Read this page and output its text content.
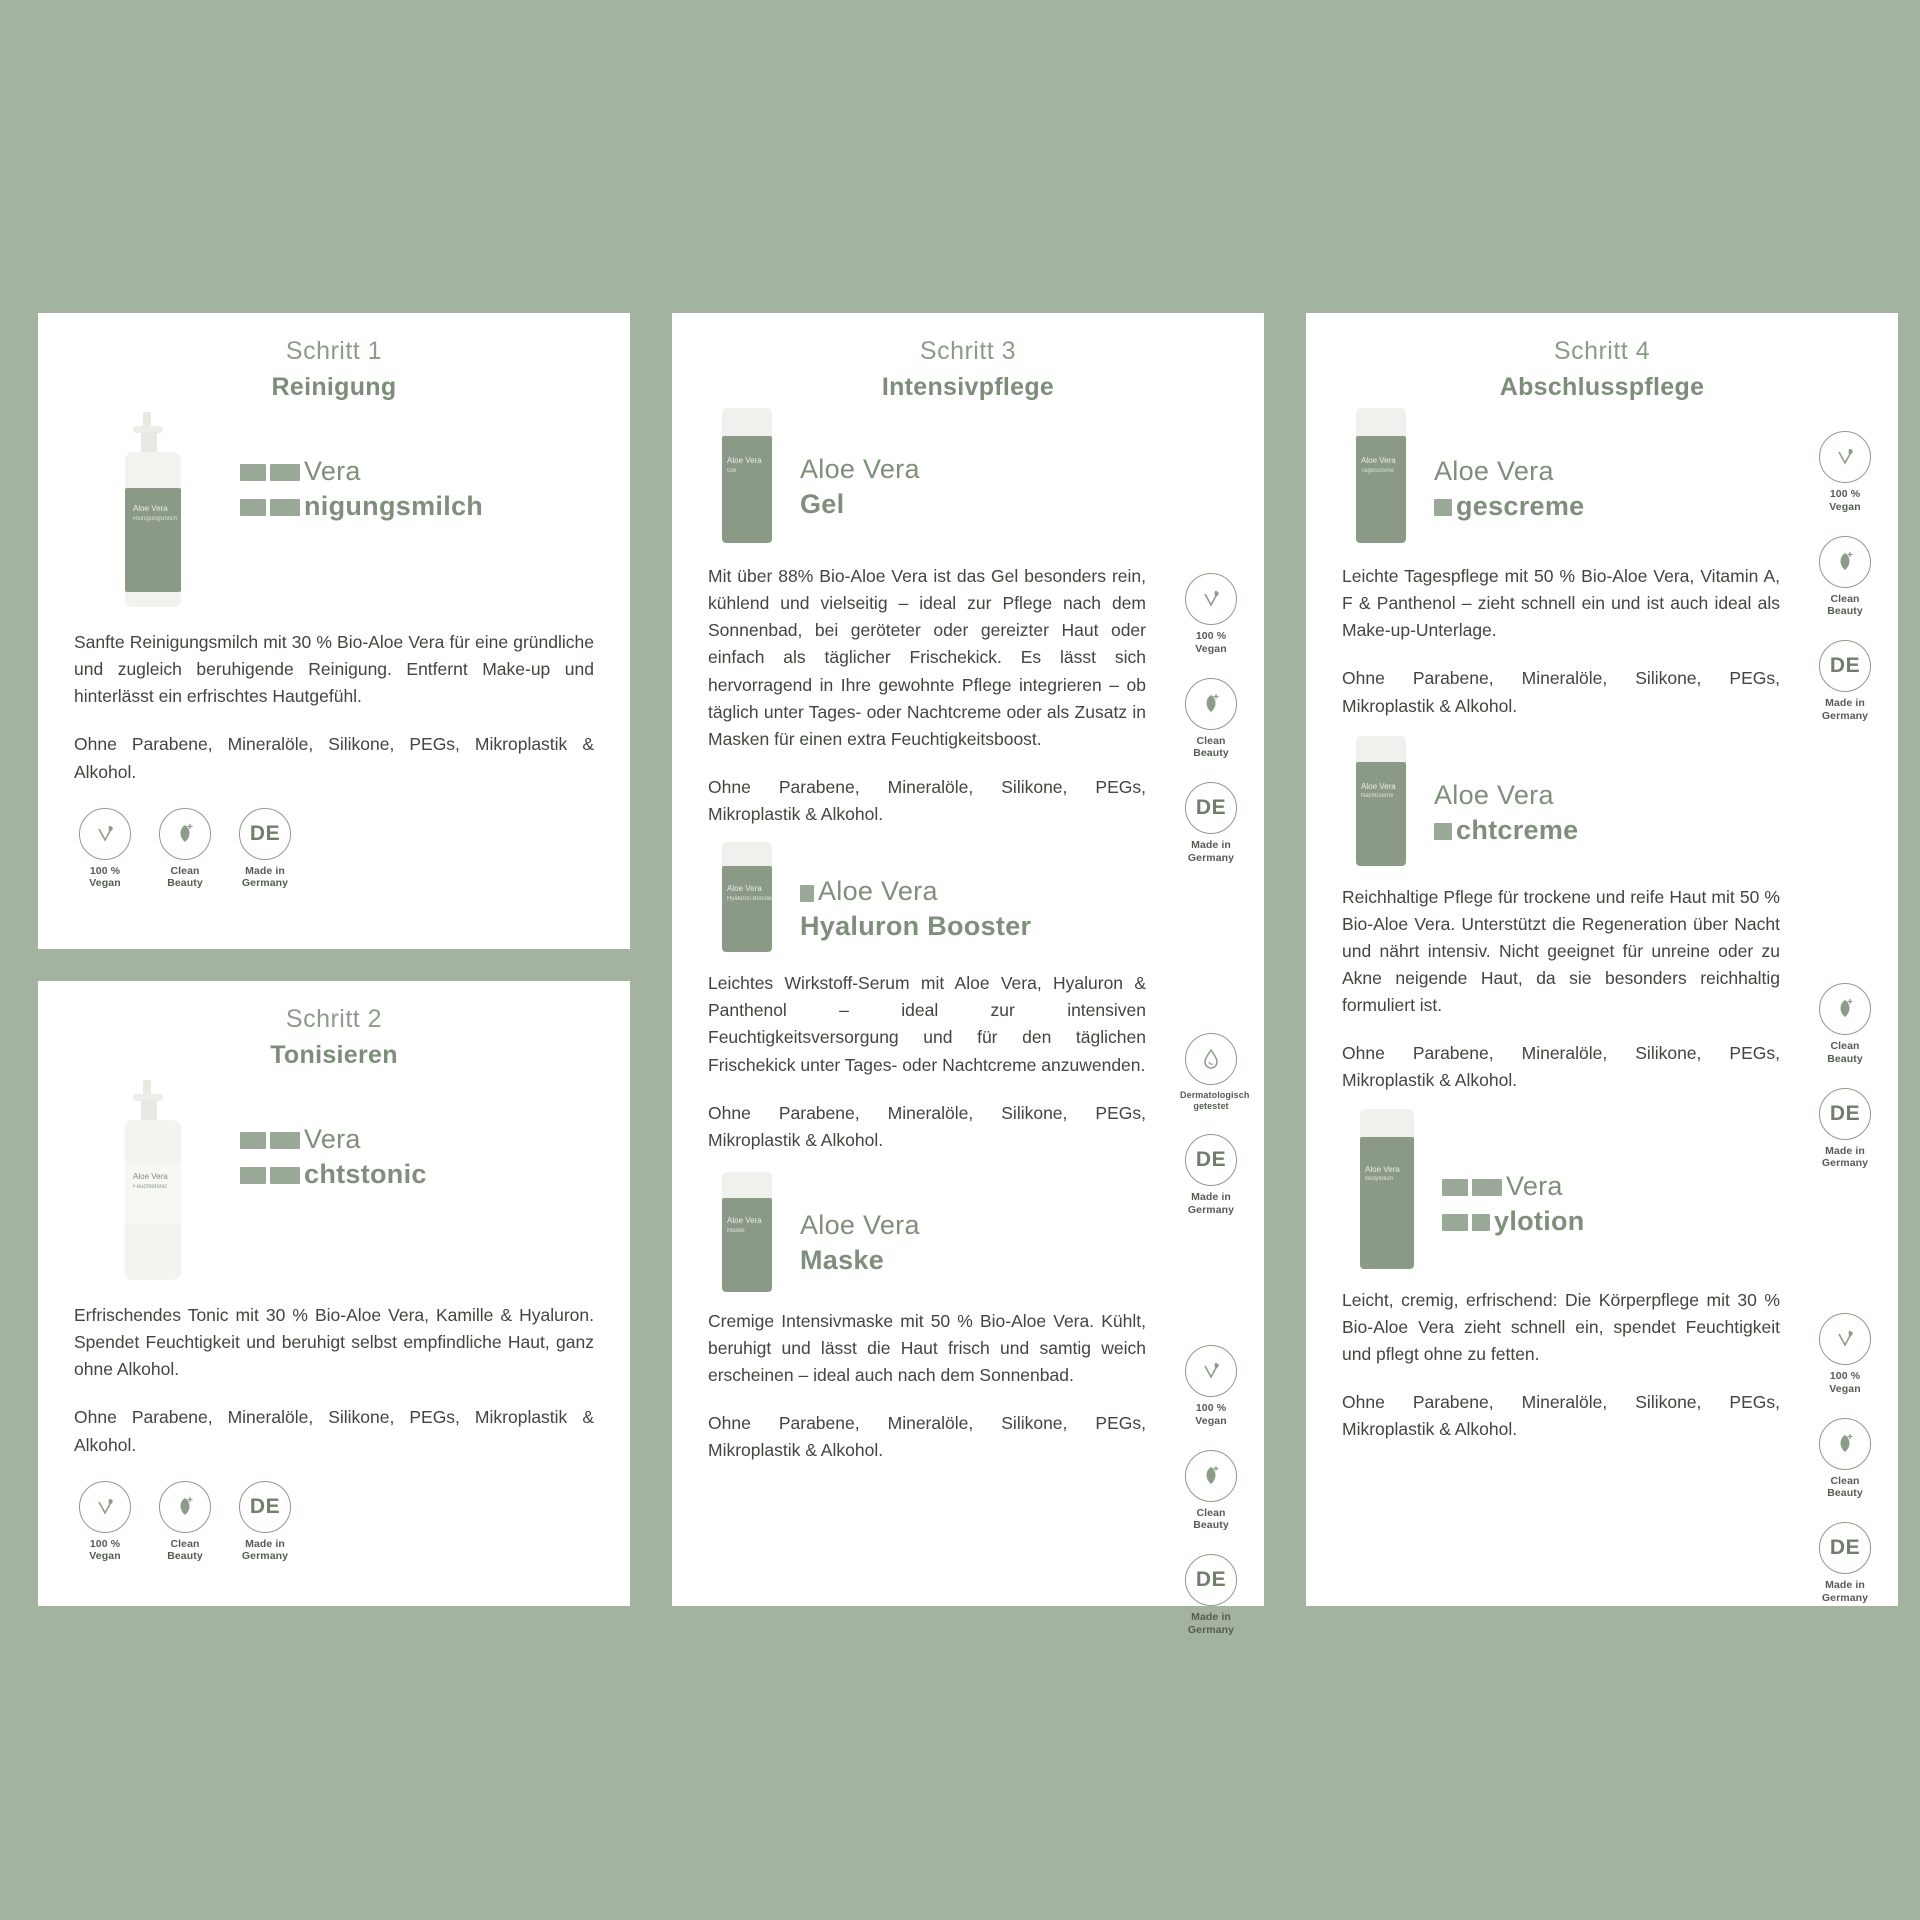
Schritt 1
Reinigung
Aloe Vera
Reinigungsmilch
Vera
nigungsmilch
Sanfte Reinigungsmilch mit 30 % Bio-Aloe Vera für eine gründliche und zugleich beruhigende Reinigung. Entfernt Make-up und hinterlässt ein erfrischtes Hautgefühl.
Ohne Parabene, Mineralöle, Silikone, PEGs, Mikroplastik & Alkohol.
100 %
Vegan
Clean
Beauty
DE
Made in
Germany
Schritt 2
Tonisieren
Aloe Vera
Feuchtetonic
Vera
chtstonic
Erfrischendes Tonic mit 30 % Bio-Aloe Vera, Kamille & Hyaluron. Spendet Feuchtigkeit und beruhigt selbst empfindliche Haut, ganz ohne Alkohol.
Ohne Parabene, Mineralöle, Silikone, PEGs, Mikroplastik & Alkohol.
100 %
Vegan
Clean
Beauty
DE
Made in
Germany
Schritt 3
Intensivpflege
Aloe Vera
Gel	Aloe Vera
Gel
Mit über 88% Bio-Aloe Vera ist das Gel besonders rein, kühlend und vielseitig – ideal zur Pflege nach dem Sonnenbad, bei geröteter oder gereizter Haut oder einfach als täglicher Frischekick. Es lässt sich hervorragend in Ihre gewohnte Pflege integrieren – ob täglich unter Tages- oder Nachtcreme oder als Zusatz in Masken für einen extra Feuchtigkeitsboost.
Ohne Parabene, Mineralöle, Silikone, PEGs, Mikroplastik & Alkohol.
100 %
Vegan
Clean
Beauty
DE
Made in
Germany
Aloe Vera
Hyaluron Booster	Aloe Vera
Hyaluron Booster
Leichtes Wirkstoff-Serum mit Aloe Vera, Hyaluron & Panthenol – ideal zur intensiven Feuchtigkeitsversorgung und für den täglichen Frischekick unter Tages- oder Nachtcreme anzuwenden.
Ohne Parabene, Mineralöle, Silikone, PEGs, Mikroplastik & Alkohol.
Dermatologisch
getestet
DE
Made in
Germany
Aloe Vera
Maske	Aloe Vera
Maske
Cremige Intensivmaske mit 50 % Bio-Aloe Vera. Kühlt, beruhigt und lässt die Haut frisch und samtig weich erscheinen – ideal auch nach dem Sonnenbad.
Ohne Parabene, Mineralöle, Silikone, PEGs, Mikroplastik & Alkohol.
100 %
Vegan
Clean
Beauty
DE
Made in
Germany
Schritt 4
Abschlusspflege
Aloe Vera
Tagescreme	Aloe Vera
gescreme
Leichte Tagespflege mit 50 % Bio-Aloe Vera, Vitamin A, F & Panthenol – zieht schnell ein und ist auch ideal als Make-up-Unterlage.
Ohne Parabene, Mineralöle, Silikone, PEGs, Mikroplastik & Alkohol.
100 %
Vegan
Clean
Beauty
DE
Made in
Germany
Aloe Vera
Nachtcreme	Aloe Vera
chtcreme
Reichhaltige Pflege für trockene und reife Haut mit 50 % Bio-Aloe Vera. Unterstützt die Regeneration über Nacht und nährt intensiv. Nicht geeignet für unreine oder zu Akne neigende Haut, da sie besonders reichhaltig formuliert ist.
Ohne Parabene, Mineralöle, Silikone, PEGs, Mikroplastik & Alkohol.
Clean
Beauty
DE
Made in
Germany
Aloe Vera
Bodylotion	Vera
ylotion
Leicht, cremig, erfrischend: Die Körperpflege mit 30 % Bio-Aloe Vera zieht schnell ein, spendet Feuchtigkeit und pflegt ohne zu fetten.
Ohne Parabene, Mineralöle, Silikone, PEGs, Mikroplastik & Alkohol.
100 %
Vegan
Clean
Beauty
DE
Made in
Germany
